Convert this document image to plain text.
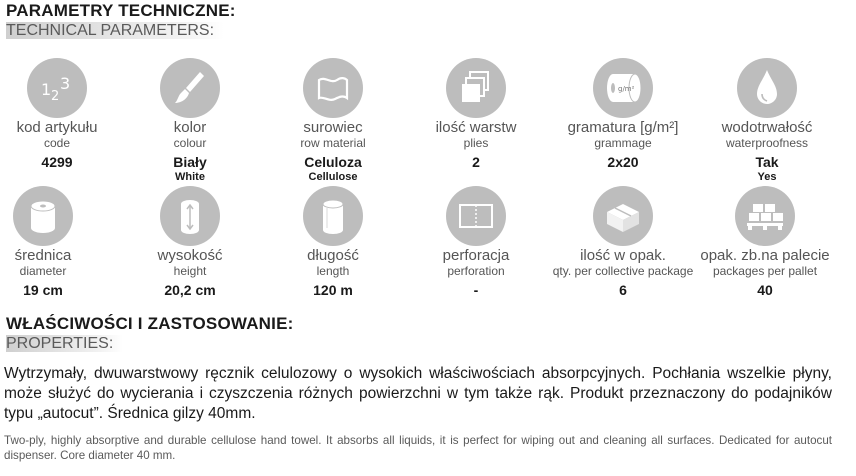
PARAMETRY TECHNICZNE:
TECHNICAL PARAMETERS:
1 2
3
kod artykułu
code
4299
kolor
colour
Biały
White
surowiec
row material
Celuloza
Cellulose
ilość warstw
plies
2
g/m²
gramatura [g/m²]
grammage
2x20
wodotrwałość
waterproofness
Tak
Yes
średnica
diameter
19 cm
wysokość
height
20,2 cm
długość
length
120 m
perforacja
perforation
-
ilość w opak.
qty. per collective package
6
opak. zb.na palecie
packages per pallet
40
WŁAŚCIWOŚCI I ZASTOSOWANIE:
PROPERTIES:
Wytrzymały, dwuwarstwowy ręcznik celulozowy o wysokich właściwościach absorpcyjnych. Pochłania wszelkie płyny, może służyć do wycierania i czyszczenia różnych powierzchni w tym także rąk. Produkt przeznaczony do podajników typu „autocut”. Średnica gilzy 40mm.
Two-ply, highly absorptive and durable cellulose hand towel. It absorbs all liquids, it is perfect for wiping out and cleaning all surfaces. Dedicated for autocut dispenser. Core diameter 40 mm.
